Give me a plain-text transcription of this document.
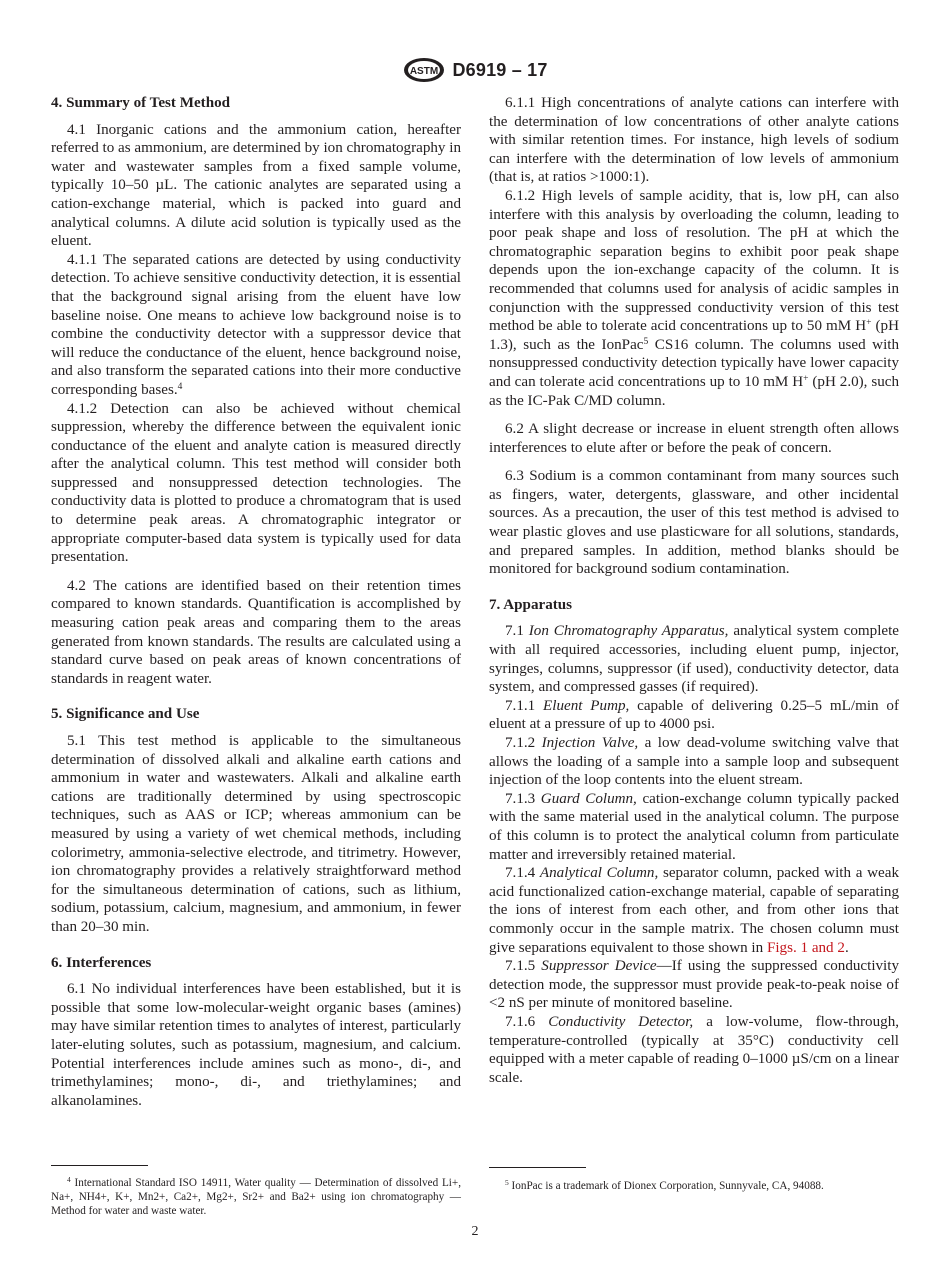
ASTM D6919 – 17
4. Summary of Test Method

4.1 Inorganic cations and the ammonium cation, hereafter referred to as ammonium, are determined by ion chromatography in water and wastewater samples from a fixed sample volume, typically 10–50 µL. The cationic analytes are separated using a cation-exchange material, which is packed into guard and analytical columns. A dilute acid solution is typically used as the eluent.

4.1.1 The separated cations are detected by using conductivity detection. To achieve sensitive conductivity detection, it is essential that the background signal arising from the eluent have low baseline noise. One means to achieve low background noise is to combine the conductivity detector with a suppressor device that will reduce the conductance of the eluent, hence background noise, and also transform the separated cations into their more conductive corresponding bases.$^4$

4.1.2 Detection can also be achieved without chemical suppression, whereby the difference between the equivalent ionic conductance of the eluent and analyte cation is measured directly after the analytical column. This test method will consider both suppressed and nonsuppressed detection technologies. The conductivity data is plotted to produce a chromatogram that is used to determine peak areas. A chromatographic integrator or appropriate computer-based data system is typically used for data presentation.

4.2 The cations are identified based on their retention times compared to known standards. Quantification is accomplished by measuring cation peak areas and comparing them to the areas generated from known standards. The results are calculated using a standard curve based on peak areas of known concentrations of standards in reagent water.

5. Significance and Use

5.1 This test method is applicable to the simultaneous determination of dissolved alkali and alkaline earth cations and ammonium in water and wastewaters. Alkali and alkaline earth cations are traditionally determined by using spectroscopic techniques, such as AAS or ICP; whereas ammonium can be measured by using a variety of wet chemical methods, including colorimetry, ammonia-selective electrode, and titrimetry. However, ion chromatography provides a relatively straightforward method for the simultaneous determination of cations, such as lithium, sodium, potassium, calcium, magnesium, and ammonium, in fewer than 20–30 min.

6. Interferences

6.1 No individual interferences have been established, but it is possible that some low-molecular-weight organic bases (amines) may have similar retention times to analytes of interest, particularly later-eluting solutes, such as potassium, magnesium, and calcium. Potential interferences include amines such as mono-, di-, and trimethylamines; mono-, di-, and triethylamines; and alkanolamines.

6.1.1 High concentrations of analyte cations can interfere with the determination of low concentrations of other analyte cations with similar retention times. For instance, high levels of sodium can interfere with the determination of low levels of ammonium (that is, at ratios >1000:1).

6.1.2 High levels of sample acidity, that is, low pH, can also interfere with this analysis by overloading the column, leading to poor peak shape and loss of resolution. The pH at which the chromatographic separation begins to exhibit poor peak shape depends upon the ion-exchange capacity of the column. It is recommended that columns used for analysis of acidic samples in conjunction with the suppressed conductivity version of this test method be able to tolerate acid concentrations up to 50 mM H+ (pH 1.3), such as the IonPac$^5$ CS16 column. The columns used with nonsuppressed conductivity detection typically have lower capacity and can tolerate acid concentrations up to 10 mM H+ (pH 2.0), such as the IC-Pak C/MD column.

6.2 A slight decrease or increase in eluent strength often allows interferences to elute after or before the peak of concern.

6.3 Sodium is a common contaminant from many sources such as fingers, water, detergents, glassware, and other incidental sources. As a precaution, the user of this test method is advised to wear plastic gloves and use plasticware for all solutions, standards, and prepared samples. In addition, method blanks should be monitored for background sodium contamination.

7. Apparatus

7.1 Ion Chromatography Apparatus, analytical system complete with all required accessories, including eluent pump, injector, syringes, columns, suppressor (if used), conductivity detector, data system, and compressed gasses (if required).

7.1.1 Eluent Pump, capable of delivering 0.25–5 mL/min of eluent at a pressure of up to 4000 psi.

7.1.2 Injection Valve, a low dead-volume switching valve that allows the loading of a sample into a sample loop and subsequent injection of the loop contents into the eluent stream.

7.1.3 Guard Column, cation-exchange column typically packed with the same material used in the analytical column. The purpose of this column is to protect the analytical column from particulate matter and irreversibly retained material.

7.1.4 Analytical Column, separator column, packed with a weak acid functionalized cation-exchange material, capable of separating the ions of interest from each other, and from other ions that commonly occur in the sample matrix. The chosen column must give separations equivalent to those shown in Figs. 1 and 2.

7.1.5 Suppressor Device—If using the suppressed conductivity detection mode, the suppressor must provide peak-to-peak noise of <2 nS per minute of monitored baseline.

7.1.6 Conductivity Detector, a low-volume, flow-through, temperature-controlled (typically at 35°C) conductivity cell equipped with a meter capable of reading 0–1000 µS/cm on a linear scale.

$^4$ International Standard ISO 14911, Water quality — Determination of dissolved Li+, Na+, NH4+, K+, Mn2+, Ca2+, Mg2+, Sr2+ and Ba2+ using ion chromatography — Method for water and waste water.
$^5$ IonPac is a trademark of Dionex Corporation, Sunnyvale, CA, 94088.
2
